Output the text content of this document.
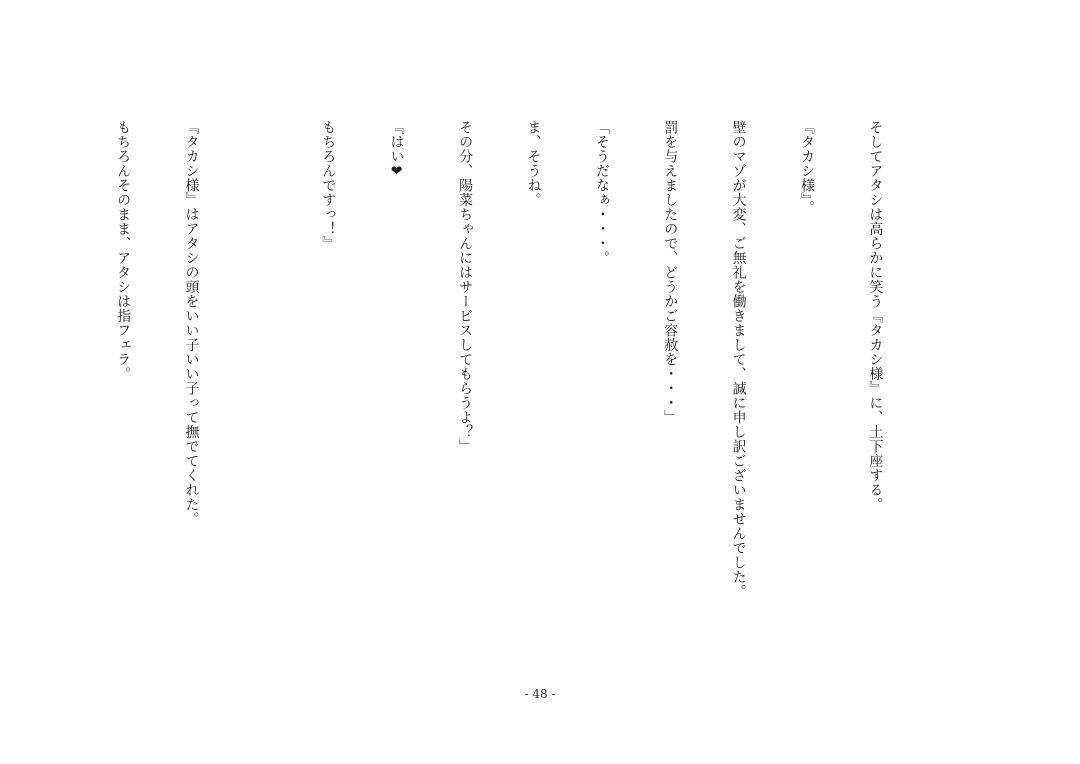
そしてアタシは高らかに笑う『タカシ様』に、土下座する。

『タカシ様』。

壁のマゾが大変、ご無礼を働きまして、誠に申し訳ございませんでした。

罰を与えましたので、どうかご容赦を・・・」

「そうだなぁ・・・。

ま、そうね。

その分、陽菜ちゃんにはサービスしてもらうよ？」

『はい❤

もちろんですっ！』

『タカシ様』はアタシの頭をいい子いい子って撫でてくれた。

もちろんそのまま、アタシは指フェラ。

- 48 -
